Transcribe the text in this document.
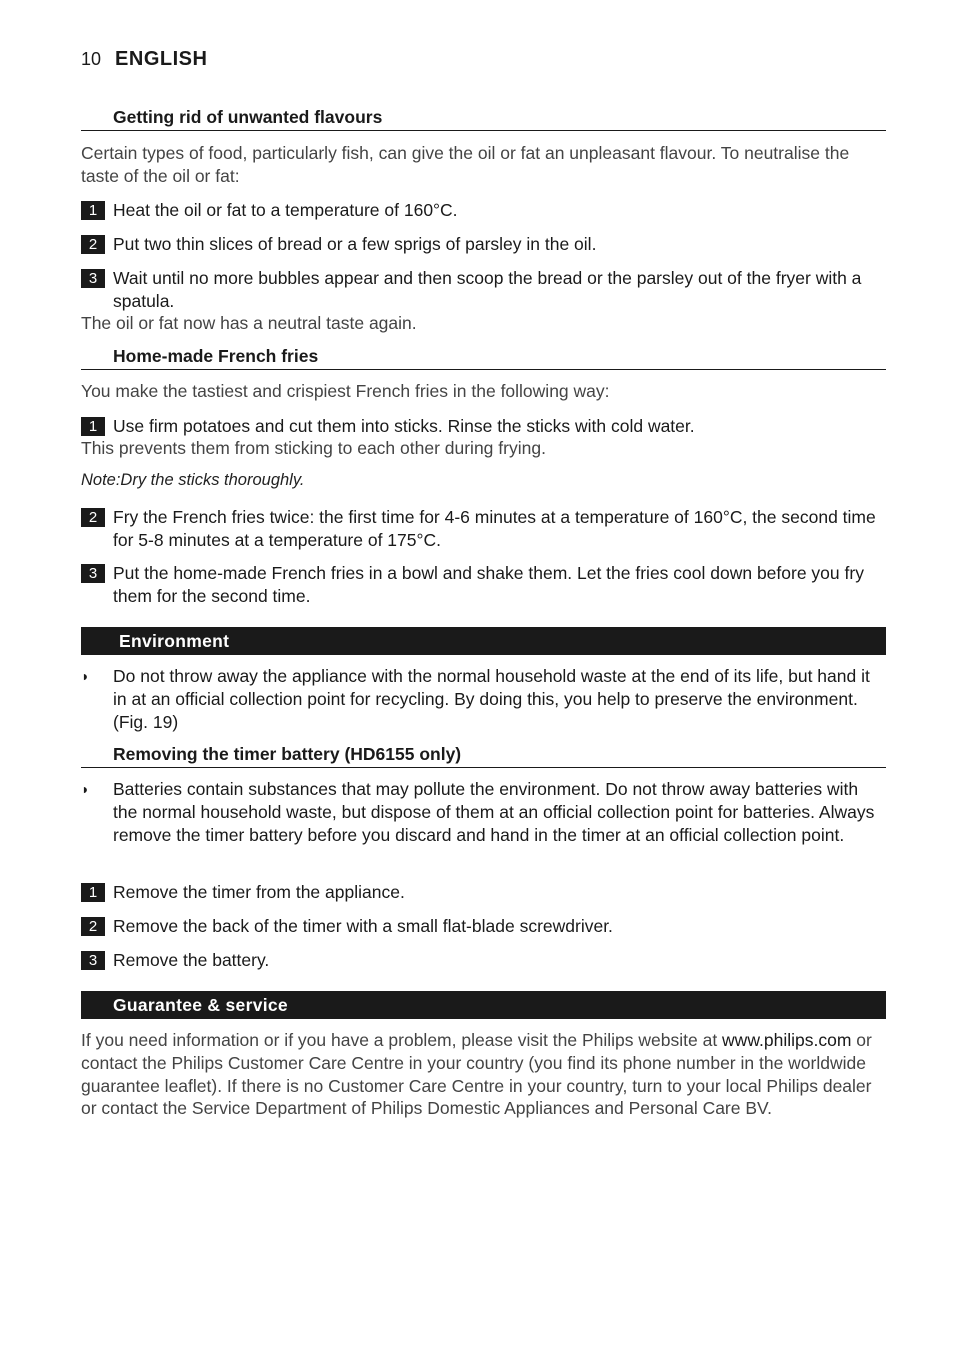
10 ENGLISH
Getting rid of unwanted flavours
Certain types of food, particularly fish, can give the oil or fat an unpleasant flavour. To neutralise the taste of the oil or fat:
1 Heat the oil or fat to a temperature of 160°C.
2 Put two thin slices of bread or a few sprigs of parsley in the oil.
3 Wait until no more bubbles appear and then scoop the bread or the parsley out of the fryer with a spatula.
The oil or fat now has a neutral taste again.
Home-made French fries
You make the tastiest and crispiest French fries in the following way:
1 Use firm potatoes and cut them into sticks. Rinse the sticks with cold water.
This prevents them from sticking to each other during frying.
Note:Dry the sticks thoroughly.
2 Fry the French fries twice: the first time for 4-6 minutes at a temperature of 160°C, the second time for 5-8 minutes at a temperature of 175°C.
3 Put the home-made French fries in a bowl and shake them. Let the fries cool down before you fry them for the second time.
Environment
◗	Do not throw away the appliance with the normal household waste at the end of its life, but hand it in at an official collection point for recycling. By doing this, you help to preserve the environment. (Fig. 19)
Removing the timer battery (HD6155 only)
◗	Batteries contain substances that may pollute the environment. Do not throw away batteries with the normal household waste, but dispose of them at an official collection point for batteries. Always remove the timer battery before you discard and hand in the timer at an official collection point.
1 Remove the timer from the appliance.
2 Remove the back of the timer with a small flat-blade screwdriver.
3 Remove the battery.
Guarantee & service
If you need information or if you have a problem, please visit the Philips website at www.philips.com or contact the Philips Customer Care Centre in your country (you find its phone number in the worldwide guarantee leaflet). If there is no Customer Care Centre in your country, turn to your local Philips dealer or contact the Service Department of Philips Domestic Appliances and Personal Care BV.
